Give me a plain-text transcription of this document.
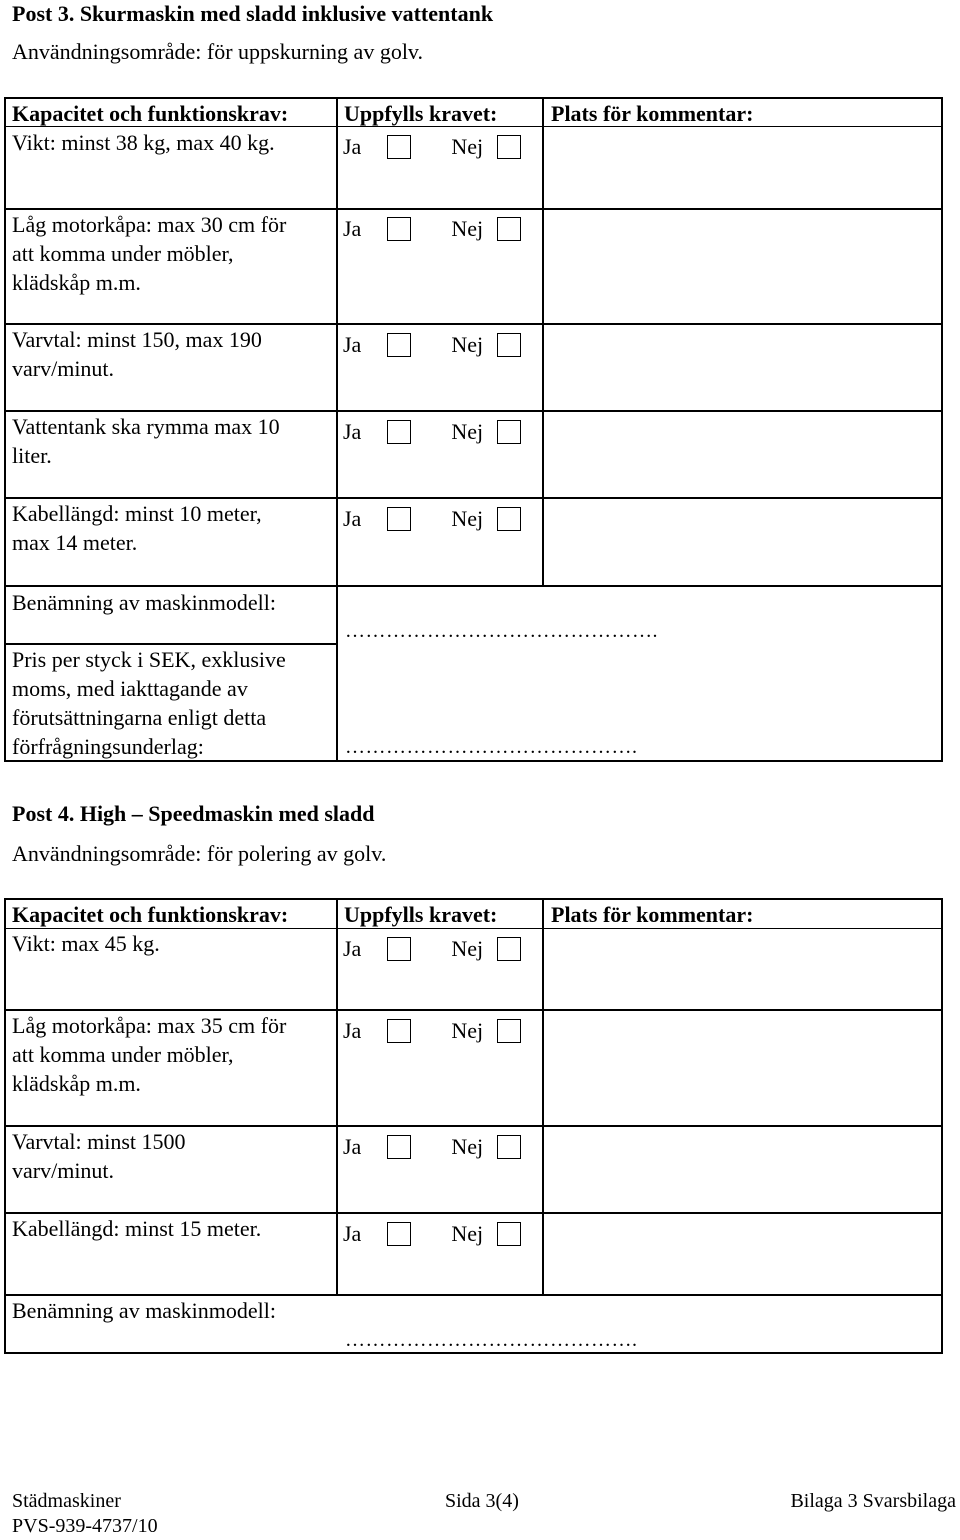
Post 3. Skurmaskin med sladd inklusive vattentank
Användningsområde: för uppskurning av golv.
Kapacitet och funktionskrav:	Uppfylls kravet: Plats för kommentar:
Vikt: minst 38 kg, max 40 kg.	Ja	Nej
Låg motorkåpa: max 30 cm för
att komma under möbler,
klädskåp m.m.
Ja	Nej
Varvtal: minst 150, max 190
varv/minut.
Ja	Nej
Vattentank ska rymma max 10
liter.
Ja	Nej
Kabellängd: minst 10 meter,
max 14 meter.
Ja	Nej
Benämning av maskinmodell:
……………………………………….
Pris per styck i SEK, exklusive
moms, med iakttagande av
förutsättningarna enligt detta
förfrågningsunderlag:	…………………………………….
Post 4. High – Speedmaskin med sladd
Användningsområde: för polering av golv.
Kapacitet och funktionskrav:	Uppfylls kravet: Plats för kommentar:
Vikt: max 45 kg.	Ja	Nej
Låg motorkåpa: max 35 cm för
att komma under möbler,
klädskåp m.m.
Ja	Nej
Varvtal: minst 1500
varv/minut.
Ja	Nej
Kabellängd: minst 15 meter.	Ja	Nej
Benämning av maskinmodell:
…………………………………….
Städmaskiner
PVS-939-4737/10
Sida 3(4)	Bilaga 3 Svarsbilaga
